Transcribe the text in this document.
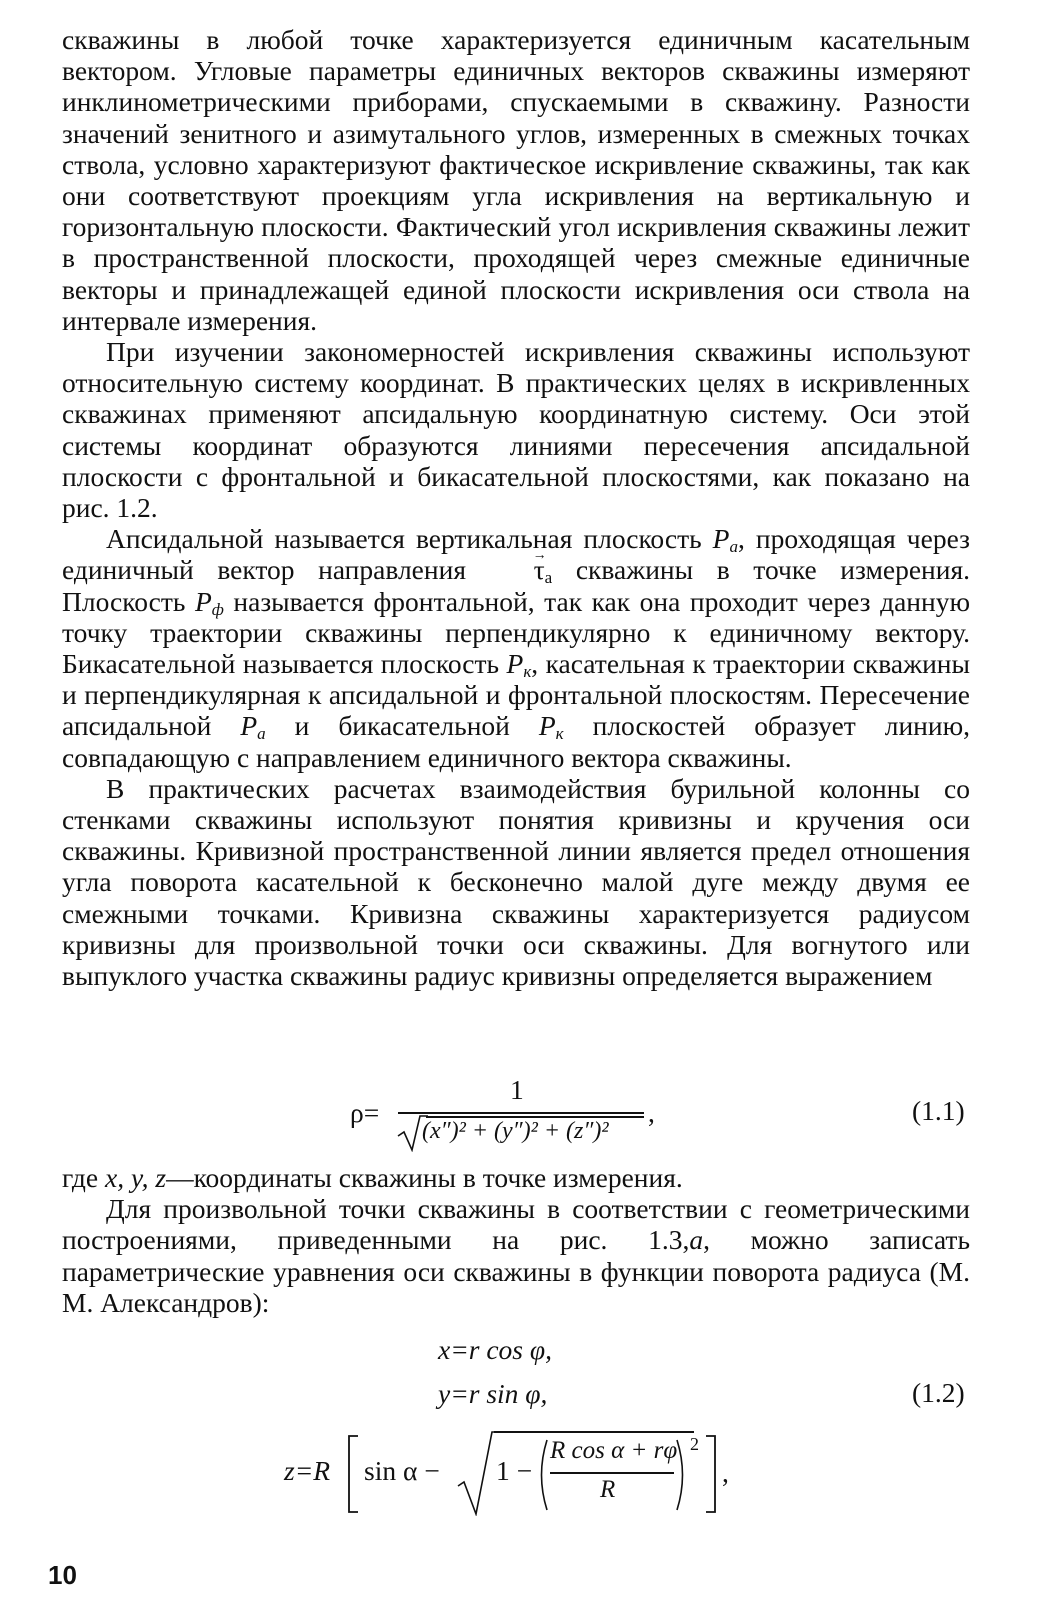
скважины в любой точке характеризуется единичным касательным вектором. Угловые параметры единичных векторов скважины измеряют инклинометрическими приборами, спускаемыми в скважину. Разности значений зенитного и азимутального углов, измеренных в смежных точках ствола, условно характеризуют фактическое искривление скважины, так как они соответствуют проекциям угла искривления на вертикальную и горизонтальную плоскости. Фактический угол искривления скважины лежит в пространственной плоскости, проходящей через смежные единичные векторы и принадлежащей единой плоскости искривления оси ствола на интервале измерения.

При изучении закономерностей искривления скважины используют относительную систему координат. В практических целях в искривленных скважинах применяют апсидальную координатную систему. Оси этой системы координат образуются линиями пересечения апсидальной плоскости с фронтальной и бикасательной плоскостями, как показано на рис. 1.2.

Апсидальной называется вертикальная плоскость $P_а$, проходящая через единичный вектор направления → $\tau_а$ скважины в точке измерения. Плоскость $P_ф$ называется фронтальной, так как она проходит через данную точку траектории скважины перпендикулярно к единичному вектору. Бикасательной называется плоскость $P_к$, касательная к траектории скважины и перпендикулярная к апсидальной и фронтальной плоскостям. Пересечение апсидальной $P_а$ и бикасательной $P_к$ плоскостей образует линию, совпадающую с направлением единичного вектора скважины.

В практических расчетах взаимодействия бурильной колонны со стенками скважины используют понятия кривизны и кручения оси скважины. Кривизной пространственной линии является предел отношения угла поворота касательной к бесконечно малой дуге между двумя ее смежными точками. Кривизна скважины характеризуется радиусом кривизны для произвольной точки оси скважины. Для вогнутого или выпуклого участка скважины радиус кривизны определяется выражением

ρ=
1
(x″)² + (y″)² + (z″)²
,	(1.1)

где x, y, z—координаты скважины в точке измерения.

Для произвольной точки скважины в соответствии с геометрическими построениями, приведенными на рис. 1.3,а, можно записать параметрические уравнения оси скважины в функции поворота радиуса (М. М. Александров):

x=r cos φ,
y=r sin φ,	(1.2)
z=R sin α − 1 −
R cos α + rφ
R
2
,
10
